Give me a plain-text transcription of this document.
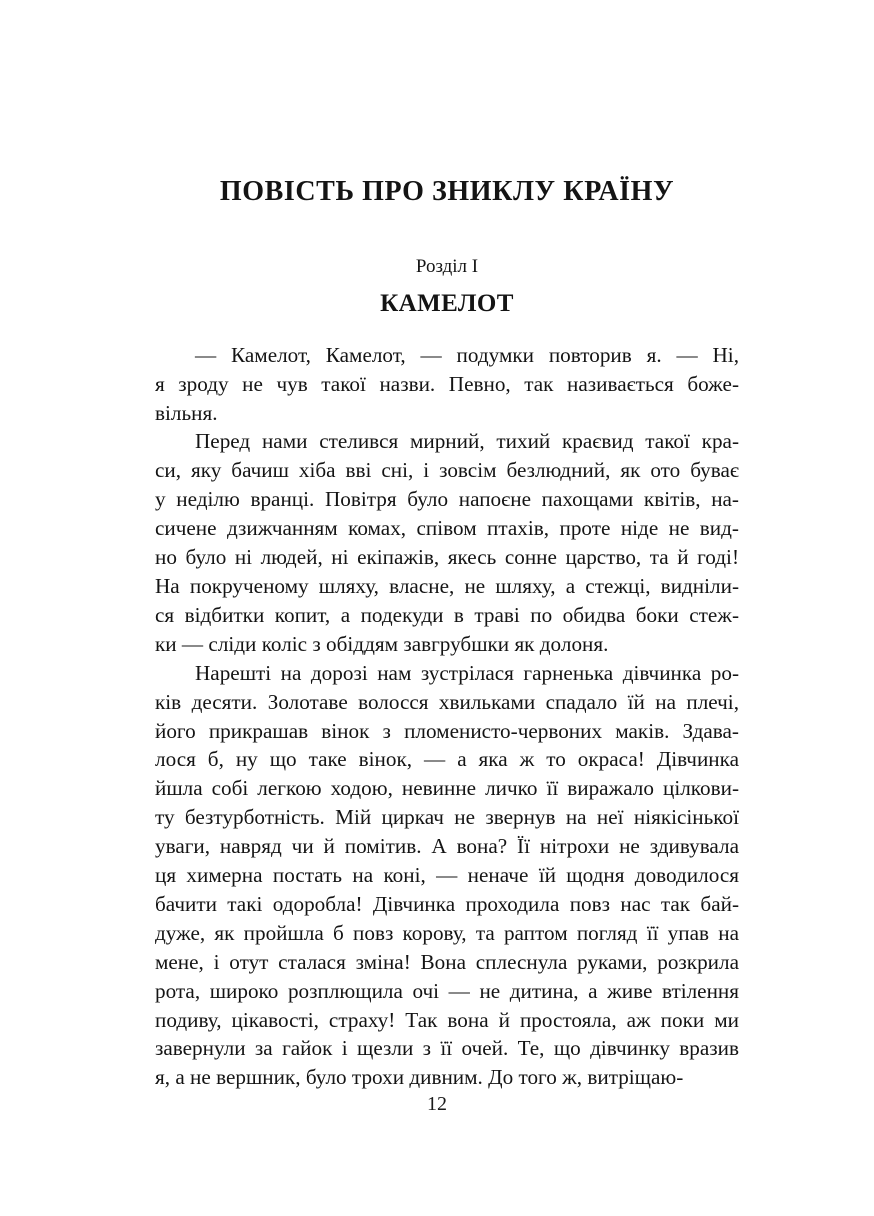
ПОВІСТЬ ПРО ЗНИКЛУ КРАЇНУ
Розділ I
КАМЕЛОТ
— Камелот, Камелот, — подумки повторив я. — Ні,
я зроду не чув такої назви. Певно, так називається боже-
вільня.
Перед нами стелився мирний, тихий краєвид такої кра-
си, яку бачиш хіба вві сні, і зовсім безлюдний, як ото буває
у неділю вранці. Повітря було напоєне пахощами квітів, на-
сичене дзижчанням комах, співом птахів, проте ніде не вид-
но було ні людей, ні екіпажів, якесь сонне царство, та й годі!
На покрученому шляху, власне, не шляху, а стежці, видніли-
ся відбитки копит, а подекуди в траві по обидва боки стеж-
ки — сліди коліс з обіддям завгрубшки як долоня.
Нарешті на дорозі нам зустрілася гарненька дівчинка ро-
ків десяти. Золотаве волосся хвильками спадало їй на плечі,
його прикрашав вінок з пломенисто-червоних маків. Здава-
лося б, ну що таке вінок, — а яка ж то окраса! Дівчинка
йшла собі легкою ходою, невинне личко її виражало цілкови-
ту безтурботність. Мій циркач не звернув на неї ніякісінької
уваги, навряд чи й помітив. А вона? Її нітрохи не здивувала
ця химерна постать на коні, — неначе їй щодня доводилося
бачити такі одоробла! Дівчинка проходила повз нас так бай-
дуже, як пройшла б повз корову, та раптом погляд її упав на
мене, і отут сталася зміна! Вона сплеснула руками, розкрила
рота, широко розплющила очі — не дитина, а живе втілення
подиву, цікавості, страху! Так вона й простояла, аж поки ми
завернули за гайок і щезли з її очей. Те, що дівчинку вразив
я, а не вершник, було трохи дивним. До того ж, витріщаю-
12
